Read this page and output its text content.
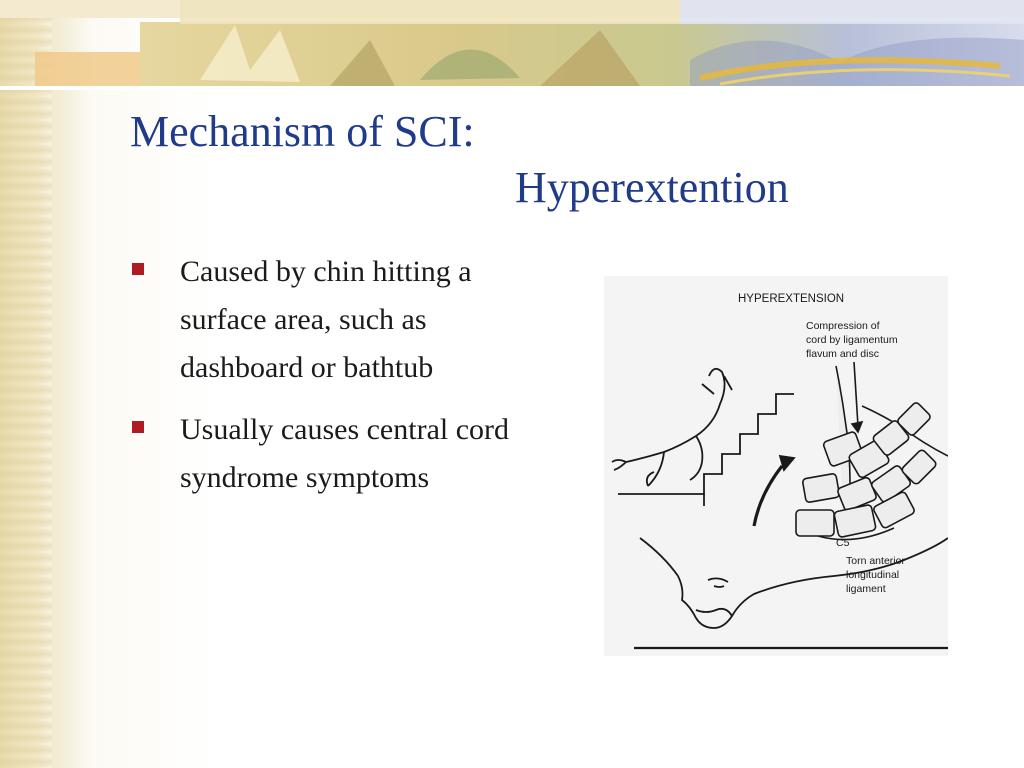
Mechanism of SCI:
Hyperextention
Caused by chin hitting a surface area, such as dashboard or bathtub
Usually causes central cord syndrome symptoms
HYPEREXTENSION
Compression of
cord by ligamentum
flavum and disc
C5
Torn anterior
longitudinal
ligament
